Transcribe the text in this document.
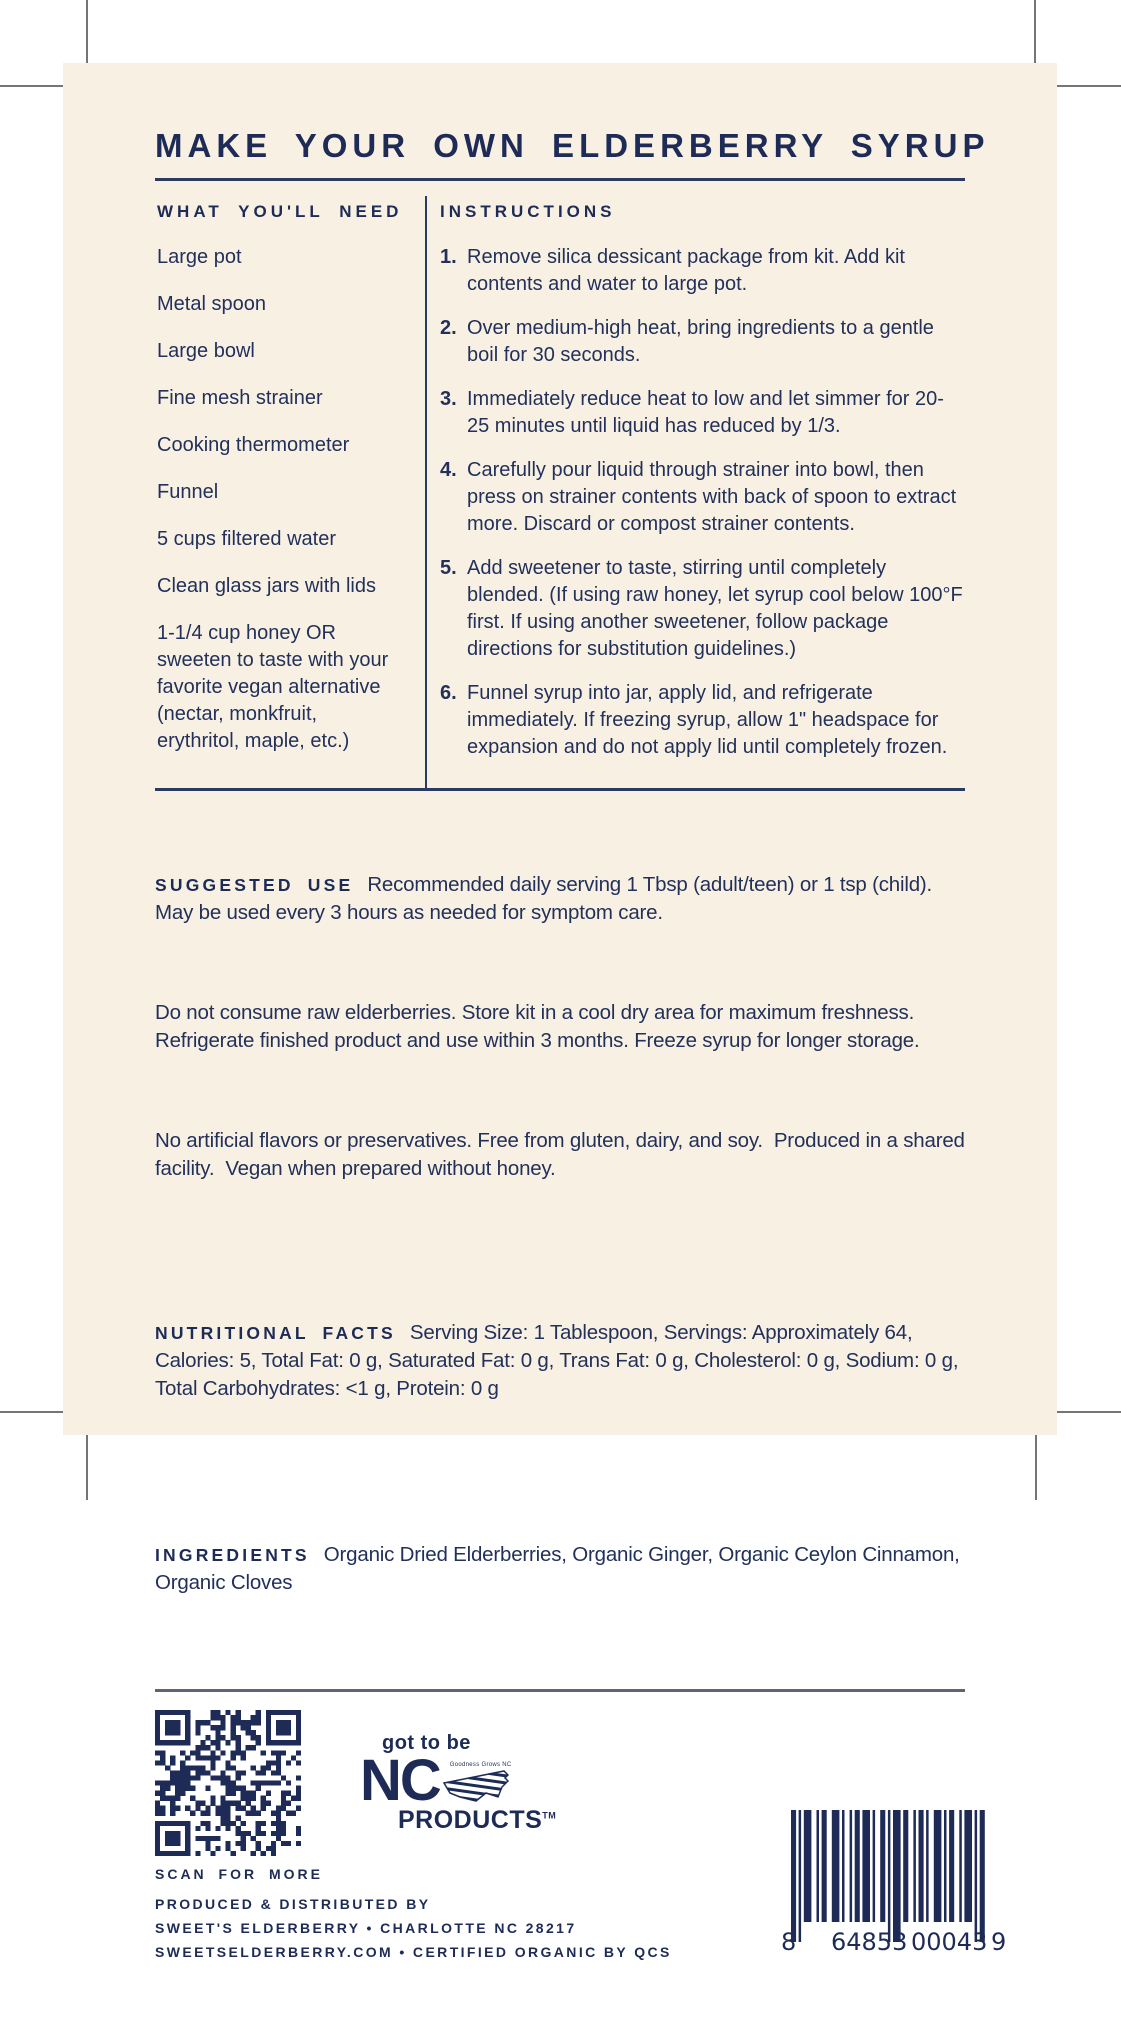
MAKE YOUR OWN ELDERBERRY SYRUP
WHAT YOU'LL NEED

Large pot

Metal spoon

Large bowl

Fine mesh strainer

Cooking thermometer

Funnel

5 cups filtered water

Clean glass jars with lids

1-1/4 cup honey OR sweeten to taste with your favorite vegan alternative (nectar, monkfruit, erythritol, maple, etc.)

INSTRUCTIONS
1. Remove silica dessicant package from kit. Add kit contents and water to large pot.
2. Over medium-high heat, bring ingredients to a gentle boil for 30 seconds.
3. Immediately reduce heat to low and let simmer for 20-25 minutes until liquid has reduced by 1/3.
4. Carefully pour liquid through strainer into bowl, then press on strainer contents with back of spoon to extract more. Discard or compost strainer contents.
5. Add sweetener to taste, stirring until completely blended. (If using raw honey, let syrup cool below 100°F first. If using another sweetener, follow package directions for substitution guidelines.)
6. Funnel syrup into jar, apply lid, and refrigerate immediately. If freezing syrup, allow 1" headspace for expansion and do not apply lid until completely frozen.

SUGGESTED USE Recommended daily serving 1 Tbsp (adult/teen) or 1 tsp (child). May be used every 3 hours as needed for symptom care.

Do not consume raw elderberries. Store kit in a cool dry area for maximum freshness. Refrigerate finished product and use within 3 months. Freeze syrup for longer storage.

No artificial flavors or preservatives. Free from gluten, dairy, and soy.  Produced in a shared facility.  Vegan when prepared without honey.

NUTRITIONAL FACTS Serving Size: 1 Tablespoon, Servings: Approximately 64, Calories: 5, Total Fat: 0 g, Saturated Fat: 0 g, Trans Fat: 0 g, Cholesterol: 0 g, Sodium: 0 g, Total Carbohydrates: <1 g, Protein: 0 g

INGREDIENTS Organic Dried Elderberries, Organic Ginger, Organic Ceylon Cinnamon, Organic Cloves

SCAN FOR MORE
got to be
NC Goodness Grows NC
PRODUCTS™
PRODUCED & DISTRIBUTED BY
SWEET'S ELDERBERRY • CHARLOTTE NC 28217
SWEETSELDERBERRY.COM • CERTIFIED ORGANIC BY QCS	8 64853 00043 9
